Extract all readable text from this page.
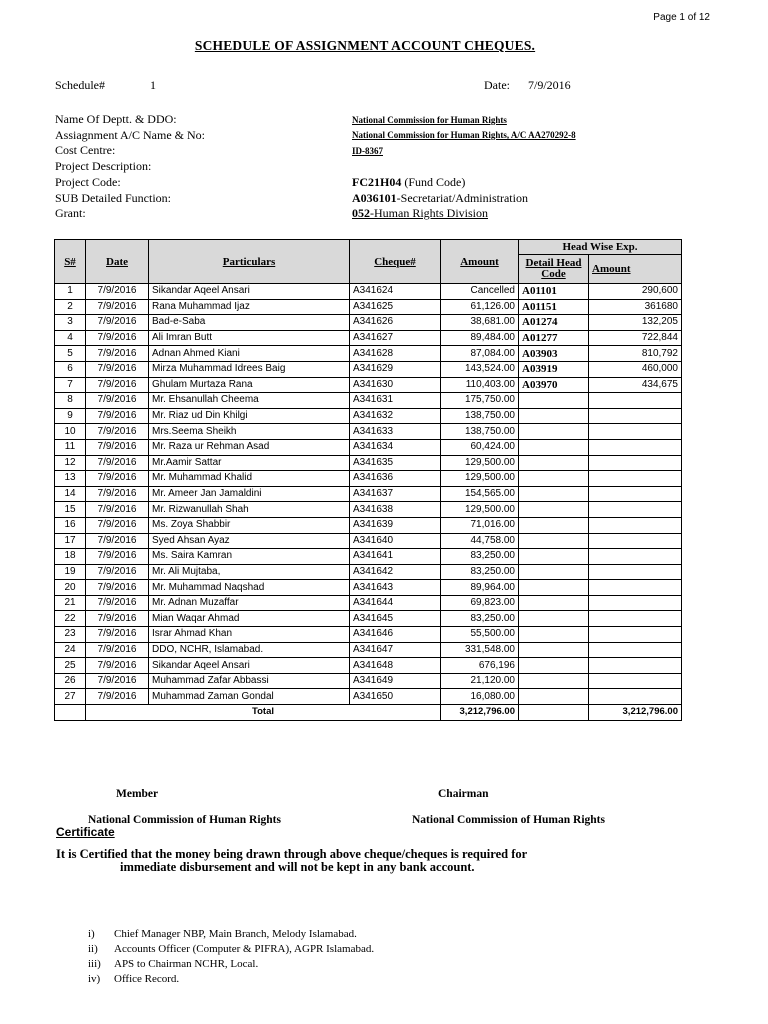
Page 1 of 12
SCHEDULE OF ASSIGNMENT ACCOUNT CHEQUES.
Schedule#	1	Date: 7/9/2016
Name Of Deptt. & DDO:	National Commission for Human Rights
Assiagnment A/C Name & No:	National Commission for Human Rights, A/C AA270292-8
Cost Centre:	ID-8367
Project Description:
Project Code:	FC21H04 (Fund Code)
SUB Detailed Function:	A036101-Secretariat/Administration
Grant:	052-Human Rights Division
S#	Date	Particulars	Cheque#	Amount	Head Wise Exp.	
					Detail Head Code	Amount
1	7/9/2016	Sikandar Aqeel Ansari	A341624	Cancelled	A01101	290,600
2	7/9/2016	Rana Muhammad Ijaz	A341625	61,126.00	A01151	361680
3	7/9/2016	Bad-e-Saba	A341626	38,681.00	A01274	132,205
4	7/9/2016	Ali Imran Butt	A341627	89,484.00	A01277	722,844
5	7/9/2016	Adnan Ahmed Kiani	A341628	87,084.00	A03903	810,792
6	7/9/2016	Mirza Muhammad Idrees Baig	A341629	143,524.00	A03919	460,000
7	7/9/2016	Ghulam Murtaza Rana	A341630	110,403.00	A03970	434,675
8	7/9/2016	Mr. Ehsanullah Cheema	A341631	175,750.00		
9	7/9/2016	Mr. Riaz ud Din Khilgi	A341632	138,750.00		
10	7/9/2016	Mrs.Seema Sheikh	A341633	138,750.00		
11	7/9/2016	Mr. Raza ur Rehman Asad	A341634	60,424.00		
12	7/9/2016	Mr.Aamir Sattar	A341635	129,500.00		
13	7/9/2016	Mr. Muhammad Khalid	A341636	129,500.00		
14	7/9/2016	Mr. Ameer Jan Jamaldini	A341637	154,565.00		
15	7/9/2016	Mr. Rizwanullah Shah	A341638	129,500.00		
16	7/9/2016	Ms. Zoya Shabbir	A341639	71,016.00		
17	7/9/2016	Syed Ahsan Ayaz	A341640	44,758.00		
18	7/9/2016	Ms. Saira Kamran	A341641	83,250.00		
19	7/9/2016	Mr. Ali Mujtaba,	A341642	83,250.00		
20	7/9/2016	Mr. Muhammad Naqshad	A341643	89,964.00		
21	7/9/2016	Mr. Adnan Muzaffar	A341644	69,823.00		
22	7/9/2016	Mian Waqar Ahmad	A341645	83,250.00		
23	7/9/2016	Israr Ahmad Khan	A341646	55,500.00		
24	7/9/2016	DDO, NCHR, Islamabad.	A341647	331,548.00		
25	7/9/2016	Sikandar Aqeel Ansari	A341648	676,196		
26	7/9/2016	Muhammad Zafar Abbassi	A341649	21,120.00		
27	7/9/2016	Muhammad Zaman Gondal	A341650	16,080.00		
	Total			3,212,796.00		3,212,796.00
Member	Chairman
National Commission of Human Rights	National Commission of Human Rights
Certificate
It is Certified that the money being drawn through above cheque/cheques is required for
immediate disbursement and will not be kept in any bank account.
i) Chief Manager NBP, Main Branch, Melody Islamabad.
ii) Accounts Officer (Computer & PIFRA), AGPR Islamabad.
iii) APS to Chairman NCHR, Local.
iv) Office Record.
